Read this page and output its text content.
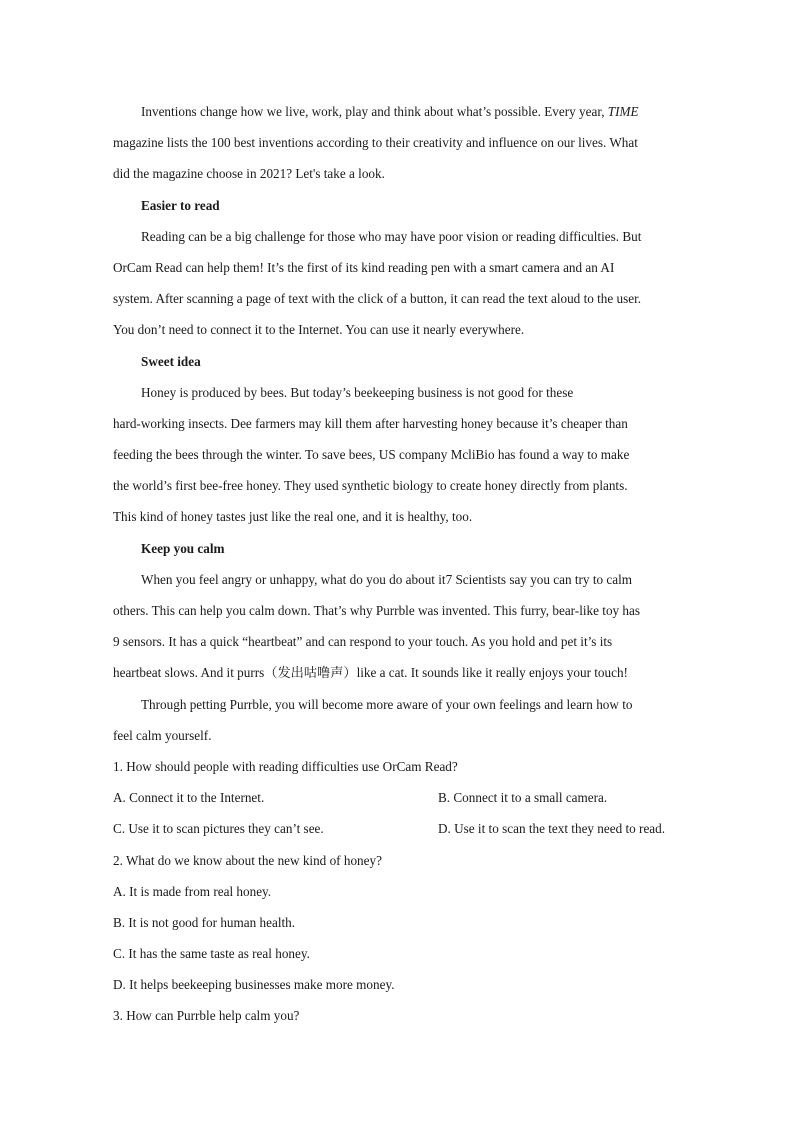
Inventions change how we live, work, play and think about what’s possible. Every year, TIME
magazine lists the 100 best inventions according to their creativity and influence on our lives. What
did the magazine choose in 2021? Let's take a look.
Easier to read
Reading can be a big challenge for those who may have poor vision or reading difficulties. But
OrCam Read can help them! It’s the first of its kind reading pen with a smart camera and an AI
system. After scanning a page of text with the click of a button, it can read the text aloud to the user.
You don’t need to connect it to the Internet. You can use it nearly everywhere.
Sweet idea
Honey is produced by bees. But today’s beekeeping business is not good for these
hard-working insects. Dee farmers may kill them after harvesting honey because it’s cheaper than
feeding the bees through the winter. To save bees, US company McliBio has found a way to make
the world’s first bee-free honey. They used synthetic biology to create honey directly from plants.
This kind of honey tastes just like the real one, and it is healthy, too.
Keep you calm
When you feel angry or unhappy, what do you do about it7 Scientists say you can try to calm
others. This can help you calm down. That’s why Purrble was invented. This furry, bear-like toy has
9 sensors. It has a quick “heartbeat” and can respond to your touch. As you hold and pet it’s its
heartbeat slows. And it purrs（发出咕噜声）like a cat. It sounds like it really enjoys your touch!
Through petting Purrble, you will become more aware of your own feelings and learn how to
feel calm yourself.
1. How should people with reading difficulties use OrCam Read?
A. Connect it to the Internet.	B. Connect it to a small camera.
C. Use it to scan pictures they can’t see.	D. Use it to scan the text they need to read.
2. What do we know about the new kind of honey?
A. It is made from real honey.
B. It is not good for human health.
C. It has the same taste as real honey.
D. It helps beekeeping businesses make more money.
3. How can Purrble help calm you?
